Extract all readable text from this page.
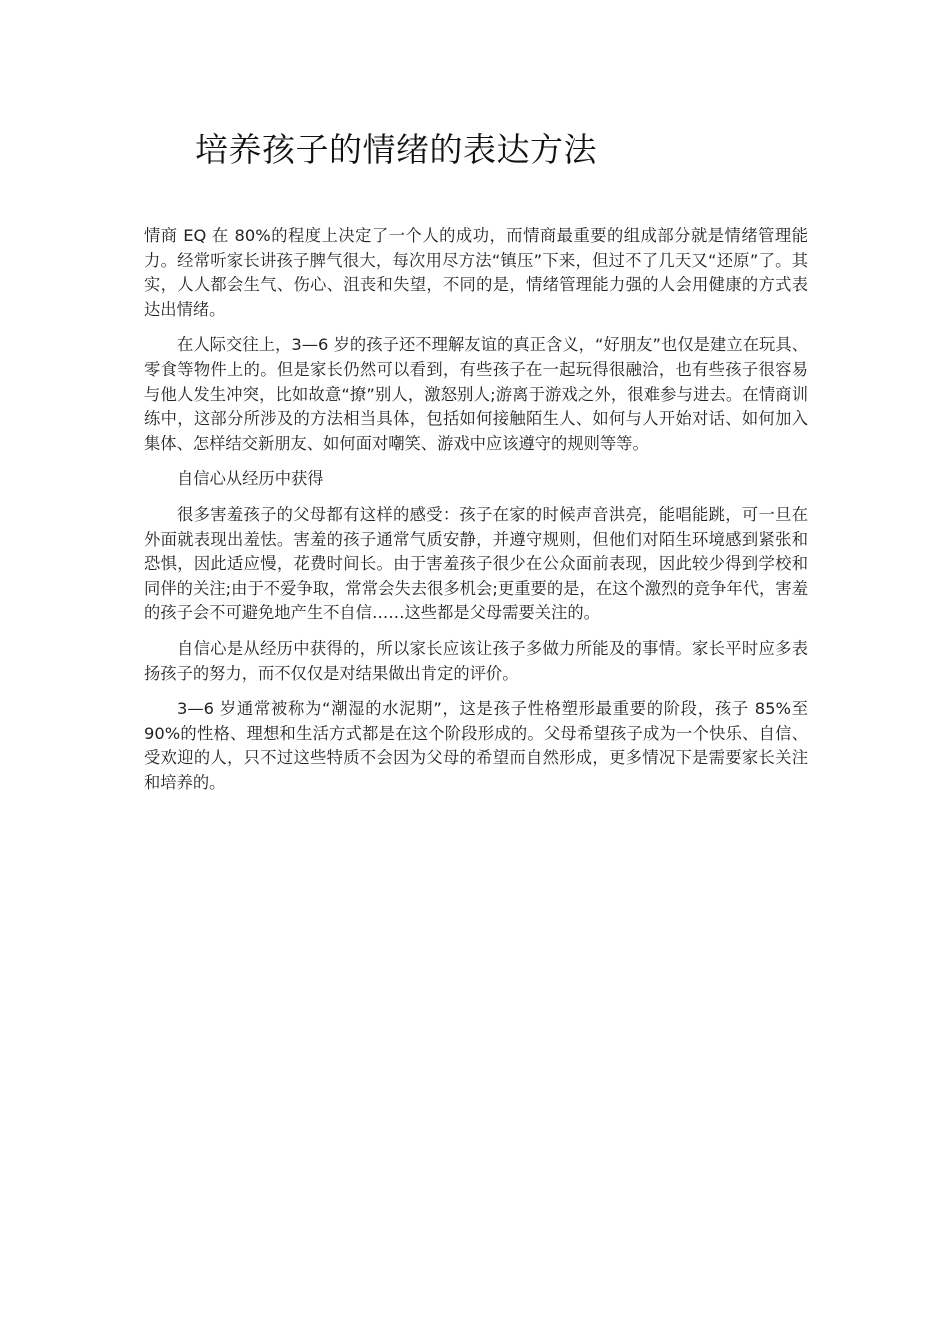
培养孩子的情绪的表达方法

情商 EQ 在 80%的程度上决定了一个人的成功，而情商最重要的组成部分就是情绪管理能力。经常听家长讲孩子脾气很大，每次用尽方法“镇压”下来，但过不了几天又“还原”了。其实，人人都会生气、伤心、沮丧和失望，不同的是，情绪管理能力强的人会用健康的方式表达出情绪。

在人际交往上，3—6 岁的孩子还不理解友谊的真正含义，“好朋友”也仅是建立在玩具、零食等物件上的。但是家长仍然可以看到，有些孩子在一起玩得很融洽，也有些孩子很容易与他人发生冲突，比如故意“撩”别人，激怒别人;游离于游戏之外，很难参与进去。在情商训练中，这部分所涉及的方法相当具体，包括如何接触陌生人、如何与人开始对话、如何加入集体、怎样结交新朋友、如何面对嘲笑、游戏中应该遵守的规则等等。

自信心从经历中获得

很多害羞孩子的父母都有这样的感受：孩子在家的时候声音洪亮，能唱能跳，可一旦在外面就表现出羞怯。害羞的孩子通常气质安静，并遵守规则，但他们对陌生环境感到紧张和恐惧，因此适应慢，花费时间长。由于害羞孩子很少在公众面前表现，因此较少得到学校和同伴的关注;由于不爱争取，常常会失去很多机会;更重要的是，在这个激烈的竞争年代，害羞的孩子会不可避免地产生不自信……这些都是父母需要关注的。

自信心是从经历中获得的，所以家长应该让孩子多做力所能及的事情。家长平时应多表扬孩子的努力，而不仅仅是对结果做出肯定的评价。

3—6 岁通常被称为“潮湿的水泥期”，这是孩子性格塑形最重要的阶段，孩子 85%至 90%的性格、理想和生活方式都是在这个阶段形成的。父母希望孩子成为一个快乐、自信、受欢迎的人，只不过这些特质不会因为父母的希望而自然形成，更多情况下是需要家长关注和培养的。
